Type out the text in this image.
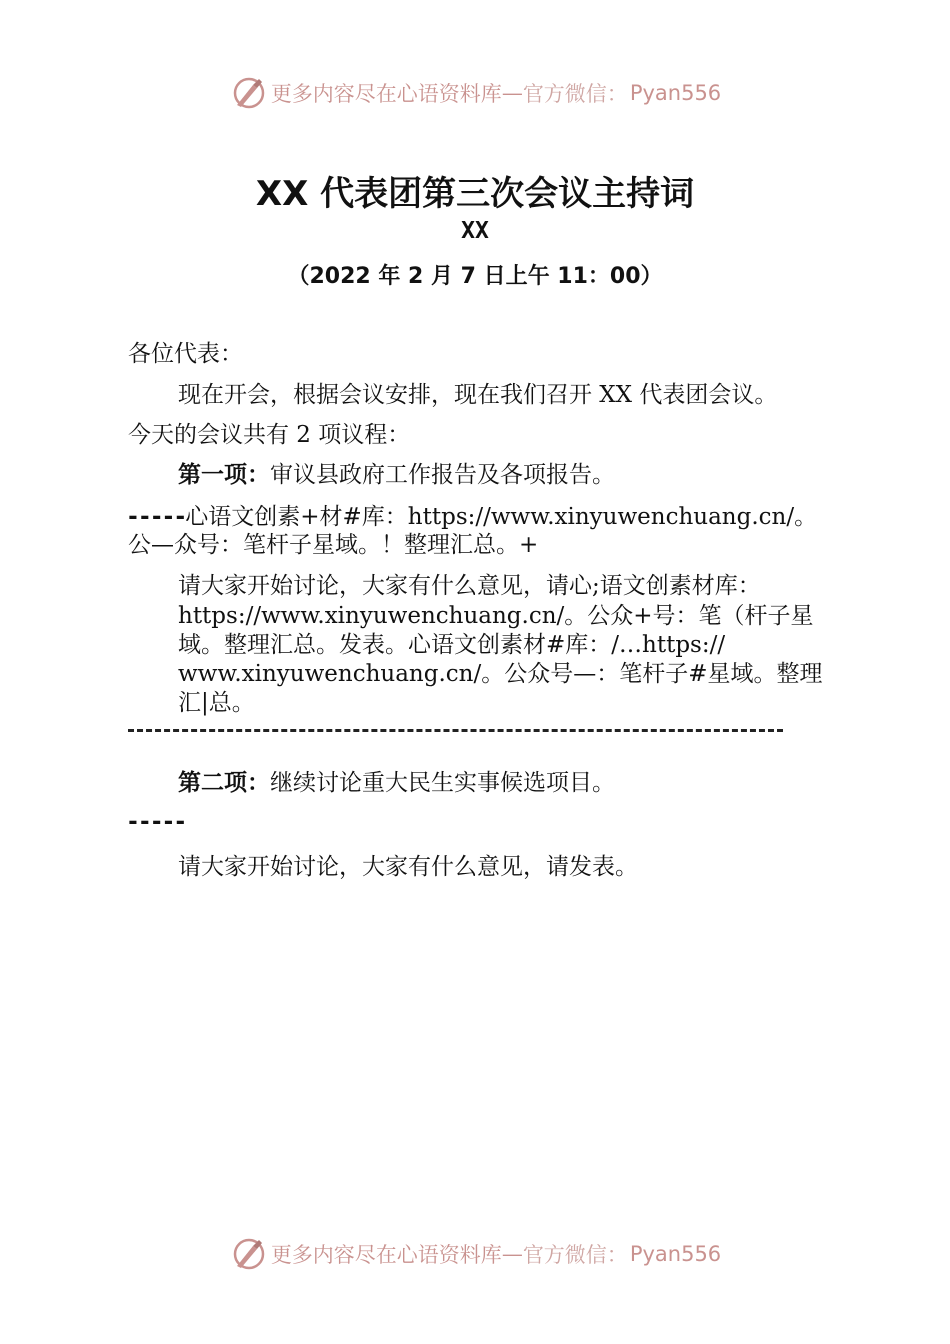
更多内容尽在心语资料库 — 官方微信： Pyan556
XX 代表团第三次会议主持词
XX
（2022 年 2 月 7 日上午 11：00）
各位代表：
现在开会，根据会议安排，现在我们召开 XX 代表团会议。
今天的会议共有 2 项议程：
第一项：审议县政府工作报告及各项报告。
-----心语文创素+材#库：https://www.xinyuwenchuang.cn/。
公—众号：笔杆子星域。！整理汇总。+
请大家开始讨论，大家有什么意见，请心;语文创素材库：
https://www.xinyuwenchuang.cn/。公众+号：笔（杆子星
域。整理汇总。发表。心语文创素材#库：/…https://
www.xinyuwenchuang.cn/。公众号—：笔杆子#星域。整理
汇|总。
第二项：继续讨论重大民生实事候选项目。
-----
请大家开始讨论，大家有什么意见，请发表。
更多内容尽在心语资料库 — 官方微信： Pyan556
